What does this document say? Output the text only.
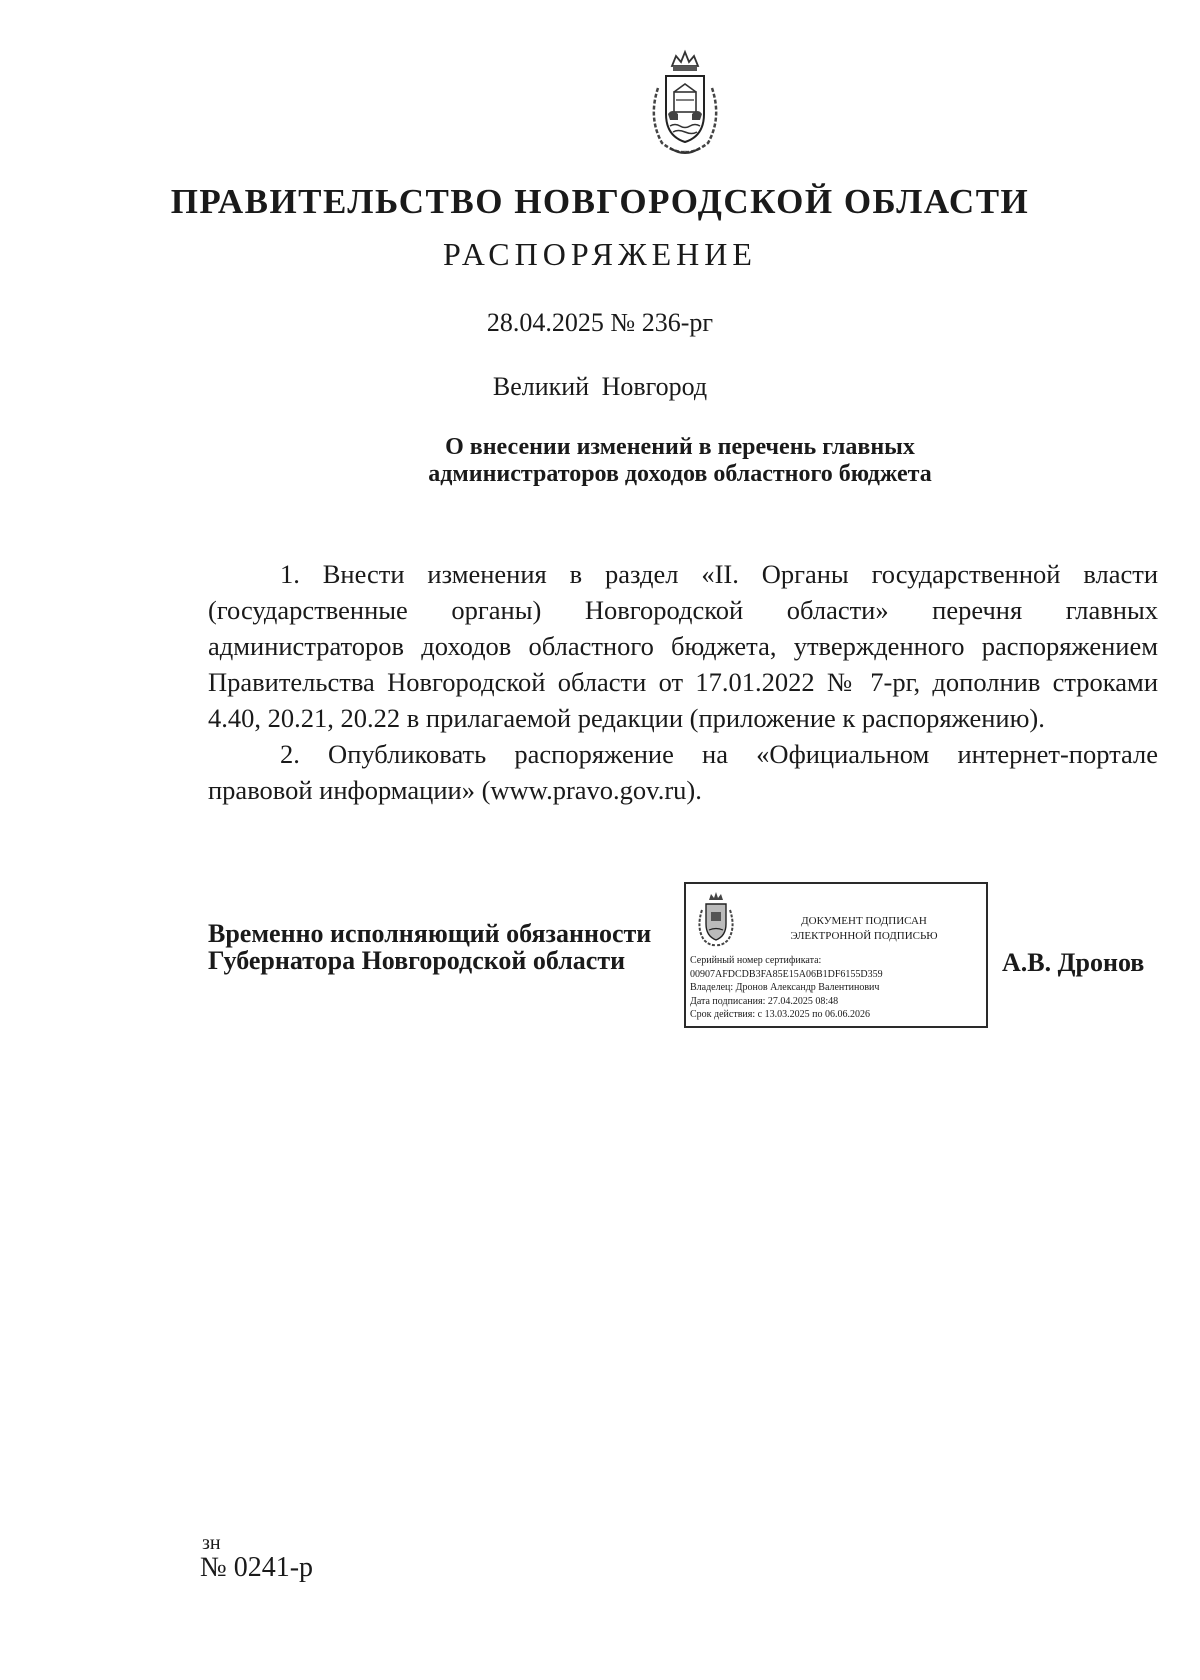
ПРАВИТЕЛЬСТВО НОВГОРОДСКОЙ ОБЛАСТИ
РАСПОРЯЖЕНИЕ
28.04.2025 № 236-рг
Великий Новгород
О внесении изменений в перечень главных
администраторов доходов областного бюджета

1. Внести изменения в раздел «II. Органы государственной власти (государственные органы) Новгородской области» перечня главных администраторов доходов областного бюджета, утвержденного распоряжением Правительства Новгородской области от 17.01.2022 № 7-рг, дополнив строками 4.40, 20.21, 20.22 в прилагаемой редакции (приложение к распоряжению).

2. Опубликовать распоряжение на «Официальном интернет-портале правовой информации» (www.pravo.gov.ru).

Временно исполняющий обязанности
Губернатора Новгородской области
ДОКУМЕНТ ПОДПИСАН
ЭЛЕКТРОННОЙ ПОДПИСЬЮ
Серийный номер сертификата:
00907AFDCDB3FA85E15A06B1DF6155D359
Владелец: Дронов Александр Валентинович
Дата подписания: 27.04.2025 08:48
Срок действия: с 13.03.2025 по 06.06.2026
А.В. Дронов
зн
№ 0241-р
